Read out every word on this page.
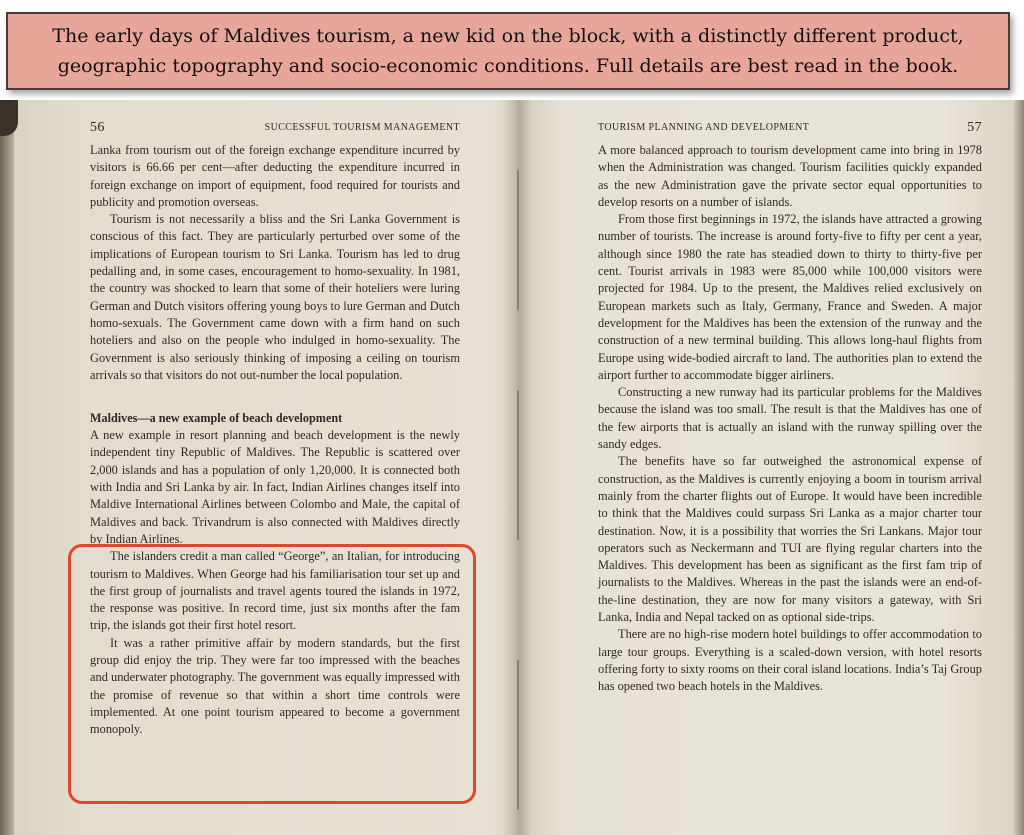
The early days of Maldives tourism, a new kid on the block, with a distinctly different product,
geographic topography and socio-economic conditions. Full details are best read in the book.
56	SUCCESSFUL TOURISM MANAGEMENT

Lanka from tourism out of the foreign exchange expenditure incurred by visitors is 66.66 per cent—after deducting the expenditure incurred in foreign exchange on import of equipment, food required for tourists and publicity and promotion overseas.

Tourism is not necessarily a bliss and the Sri Lanka Government is conscious of this fact. They are particularly perturbed over some of the implications of European tourism to Sri Lanka. Tourism has led to drug pedalling and, in some cases, encouragement to homo-sexuality. In 1981, the country was shocked to learn that some of their hoteliers were luring German and Dutch visitors offering young boys to lure German and Dutch homo-sexuals. The Government came down with a firm hand on such hoteliers and also on the people who indulged in homo-sexuality. The Government is also seriously thinking of imposing a ceiling on tourism arrivals so that visitors do not out-number the local population.

Maldives—a new example of beach development

A new example in resort planning and beach development is the newly independent tiny Republic of Maldives. The Republic is scattered over 2,000 islands and has a population of only 1,20,000. It is connected both with India and Sri Lanka by air. In fact, Indian Airlines changes itself into Maldive International Airlines between Colombo and Male, the capital of Maldives and back. Trivandrum is also connected with Maldives directly by Indian Airlines.

The islanders credit a man called “George”, an Italian, for introducing tourism to Maldives. When George had his familiarisation tour set up and the first group of journalists and travel agents toured the islands in 1972, the response was positive. In record time, just six months after the fam trip, the islands got their first hotel resort.

It was a rather primitive affair by modern standards, but the first group did enjoy the trip. They were far too impressed with the beaches and underwater photography. The government was equally impressed with the promise of revenue so that within a short time controls were implemented. At one point tourism appeared to become a government monopoly.

TOURISM PLANNING AND DEVELOPMENT	57

A more balanced approach to tourism development came into bring in 1978 when the Administration was changed. Tourism facilities quickly expanded as the new Administration gave the private sector equal opportunities to develop resorts on a number of islands.

From those first beginnings in 1972, the islands have attracted a growing number of tourists. The increase is around forty-five to fifty per cent a year, although since 1980 the rate has steadied down to thirty to thirty-five per cent. Tourist arrivals in 1983 were 85,000 while 100,000 visitors were projected for 1984. Up to the present, the Maldives relied exclusively on European markets such as Italy, Germany, France and Sweden. A major development for the Maldives has been the extension of the runway and the construction of a new terminal building. This allows long-haul flights from Europe using wide-bodied aircraft to land. The authorities plan to extend the airport further to accommodate bigger airliners.

Constructing a new runway had its particular problems for the Maldives because the island was too small. The result is that the Maldives has one of the few airports that is actually an island with the runway spilling over the sandy edges.

The benefits have so far outweighed the astronomical expense of construction, as the Maldives is currently enjoying a boom in tourism arrival mainly from the charter flights out of Europe. It would have been incredible to think that the Maldives could surpass Sri Lanka as a major charter tour destination. Now, it is a possibility that worries the Sri Lankans. Major tour operators such as Neckermann and TUI are flying regular charters into the Maldives. This development has been as significant as the first fam trip of journalists to the Maldives. Whereas in the past the islands were an end-of-the-line destination, they are now for many visitors a gateway, with Sri Lanka, India and Nepal tacked on as optional side-trips.

There are no high-rise modern hotel buildings to offer accommodation to large tour groups. Everything is a scaled-down version, with hotel resorts offering forty to sixty rooms on their coral island locations. India’s Taj Group has opened two beach hotels in the Maldives.
